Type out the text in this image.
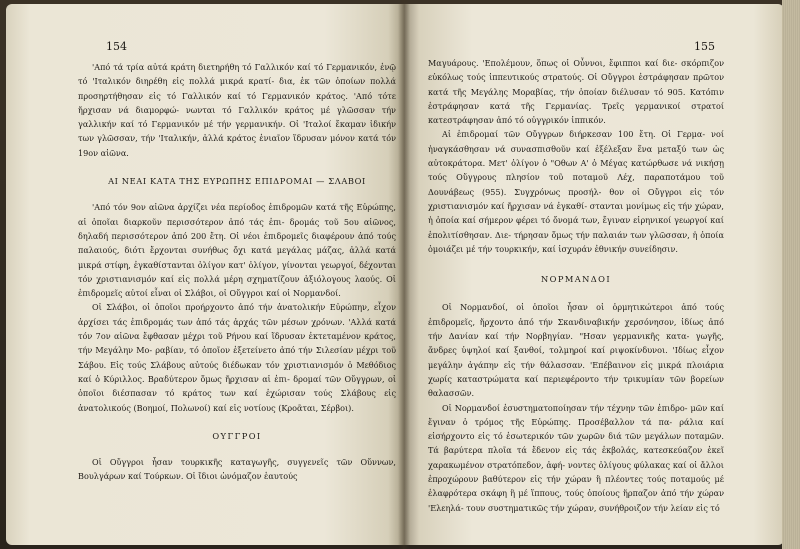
154

'Από τά τρία αὐτά κράτη διετηρήθη τό Γαλλικόν καί τό Γερμανικόν, ἐνῷ τό 'Ιταλικόν διηρέθη εἰς πολλά μικρά κρατί- δια, ἐκ τῶν ὁποίων πολλά προσηρτήθησαν εἰς τό Γαλλικόν καί τό Γερμανικόν κράτος. 'Από τότε ἤρχισαν νά διαμορφώ- νωνται τό Γαλλικόν κράτος μέ γλῶσσαν τήν γαλλικήν καί τό Γερμανικόν μέ τήν γερμανικήν. Οἱ 'Ιταλοί ἔκαμαν ἰδικήν των γλῶσσαν, τήν 'Ιταλικήν, ἀλλά κράτος ἑνιαῖον ἵδρυσαν μόνον κατά τόν 19ον αἰῶνα.

ΑΙ ΝΕΑΙ ΚΑΤΑ ΤΗΣ ΕΥΡΩΠΗΣ ΕΠΙΔΡΟΜΑΙ — ΣΛΑΒΟΙ

'Από τόν 9ον αἰῶνα ἀρχίζει νέα περίοδος ἐπιδρομῶν κατά τῆς Εὐρώπης, αἱ ὁποῖαι διαρκοῦν περισσότερον ἀπό τάς ἐπι- δρομάς τοῦ 5ου αἰῶνος, δηλαδή περισσότερον ἀπό 200 ἔτη. Οἱ νέοι ἐπιδρομεῖς διαφέρουν ἀπό τούς παλαιούς, διότι ἔρχονται συνήθως ὄχι κατά μεγάλας μάζας, ἀλλά κατά μικρά στίφη, ἐγκαθίστανται ὀλίγον κατ' ὀλίγον, γίνονται γεωργοί, δέχονται τόν χριστιανισμόν καί εἰς πολλά μέρη σχηματίζουν ἀξιόλογους λαούς. Οἱ ἐπιδρομεῖς αὐτοί εἶναι οἱ Σλάβοι, οἱ Οὔγγροι καί οἱ Νορμανδοί.

Οἱ Σλάβοι, οἱ ὁποῖοι προήρχοντο ἀπό τήν ἀνατολικήν Εὐρώπην, εἶχον ἀρχίσει τάς ἐπιδρομάς των ἀπό τάς ἀρχάς τῶν μέσων χρόνων. 'Αλλά κατά τόν 7ον αἰῶνα ἔφθασαν μέχρι τοῦ Ρήνου καί ἵδρυσαν ἐκτεταμένον κράτος, τήν Μεγάλην Μο- ραβίαν, τό ὁποῖον ἐξετείνετο ἀπό τήν Σιλεσίαν μέχρι τοῦ Σάβου. Εἰς τούς Σλάβους αὐτούς διέδωκαν τόν χριστιανισμόν ὁ Μεθόδιος καί ὁ Κύριλλος. Βραδύτερον ὅμως ἤρχισαν αἱ ἐπι- δρομαί τῶν Οὔγγρων, οἱ ὁποῖοι διέσπασαν τό κράτος των καί ἐχώρισαν τούς Σλάβους εἰς ἀνατολικούς (Βοημοί, Πολωνοί) καί εἰς νοτίους (Κροᾶται, Σέρβοι).

ΟΥΓΓΡΟΙ

Οἱ Οὔγγροι ἦσαν τουρκικῆς καταγωγῆς, συγγενεῖς τῶν Οὔννων, Βουλγάρων καί Τούρκων. Οἱ ἴδιοι ὠνόμαζον ἑαυτούς

155

Μαγυάρους. 'Επολέμουν, ὅπως οἱ Οὖννοι, ἔφιπποι καί διε- σκόρπιζον εὐκόλως τούς ἱππευτικούς στρατούς. Οἱ Οὔγγροι ἐστράφησαν πρῶτον κατά τῆς Μεγάλης Μοραβίας, τήν ὁποίαν διέλυσαν τό 905. Κατόπιν ἐστράφησαν κατά τῆς Γερμανίας. Τρεῖς γερμανικοί στρατοί κατεστράφησαν ἀπό τό οὐγγρικόν ἱππικόν.

Αἱ ἐπιδρομαί τῶν Οὔγγρων διήρκεσαν 100 ἔτη. Οἱ Γερμα- νοί ἠναγκάσθησαν νά συνασπισθοῦν καί ἐξέλεξαν ἕνα μεταξύ των ὡς αὐτοκράτορα. Μετ' ὀλίγον ὁ "Οθων Α' ὁ Μέγας κατώρθωσε νά νικήσῃ τούς Οὔγγρους πλησίον τοῦ ποταμοῦ Λέχ, παραποτάμου τοῦ Δουνάβεως (955). Συγχρόνως προσήλ- θον οἱ Οὔγγροι εἰς τόν χριστιανισμόν καί ἤρχισαν νά ἐγκαθί- στανται μονίμως εἰς τήν χώραν, ἡ ὁποία καί σήμερον φέρει τό ὄνομά των, ἔγιναν εἰρηνικοί γεωργοί καί ἐπολιτίσθησαν. Διε- τήρησαν ὅμως τήν παλαιάν των γλῶσσαν, ἡ ὁποία ὁμοιάζει μέ τήν τουρκικήν, καί ἰσχυράν ἐθνικήν συνείδησιν.

ΝΟΡΜΑΝΔΟΙ

Οἱ Νορμανδοί, οἱ ὁποῖοι ἦσαν οἱ ὁρμητικώτεροι ἀπό τούς ἐπιδρομεῖς, ἤρχοντο ἀπό τήν Σκανδιναβικήν χερσόνησον, ἰδίως ἀπό τήν Δανίαν καί τήν Νορβηγίαν. "Ησαν γερμανικῆς κατα- γωγῆς, ἄνδρες ὑψηλοί καί ξανθοί, τολμηροί καί ριψοκίνδυνοι. 'Ιδίως εἶχον μεγάλην ἀγάπην εἰς τήν θάλασσαν. 'Επέβαινον εἰς μικρά πλοιάρια χωρίς καταστρώματα καί περιεφέροντο τήν τρικυμίαν τῶν βορείων θαλασσῶν.

Οἱ Νορμανδοί ἐσυστηματοποίησαν τήν τέχνην τῶν ἐπιδρο- μῶν καί ἔγιναν ὁ τρόμος τῆς Εὐρώπης. Προσέβαλλον τά πα- ράλια καί εἰσήρχοντο εἰς τό ἐσωτερικόν τῶν χωρῶν διά τῶν μεγάλων ποταμῶν. Τά βαρύτερα πλοῖα τά ἔδενον εἰς τάς ἐκβολάς, κατεσκεύαζον ἐκεῖ χαρακωμένον στρατόπεδον, ἀφή- νοντες ὀλίγους φύλακας καί οἱ ἄλλοι ἐπροχώρουν βαθύτερον εἰς τήν χώραν ἢ πλέοντες τούς ποταμούς μέ ἐλαφρότερα σκάφη ἢ μέ ἵππους, τούς ὁποίους ἥρπαζον ἀπό τήν χώραν 'Ελεηλά- τουν συστηματικῶς τήν χώραν, συνήθροιζον τήν λείαν εἰς τό
